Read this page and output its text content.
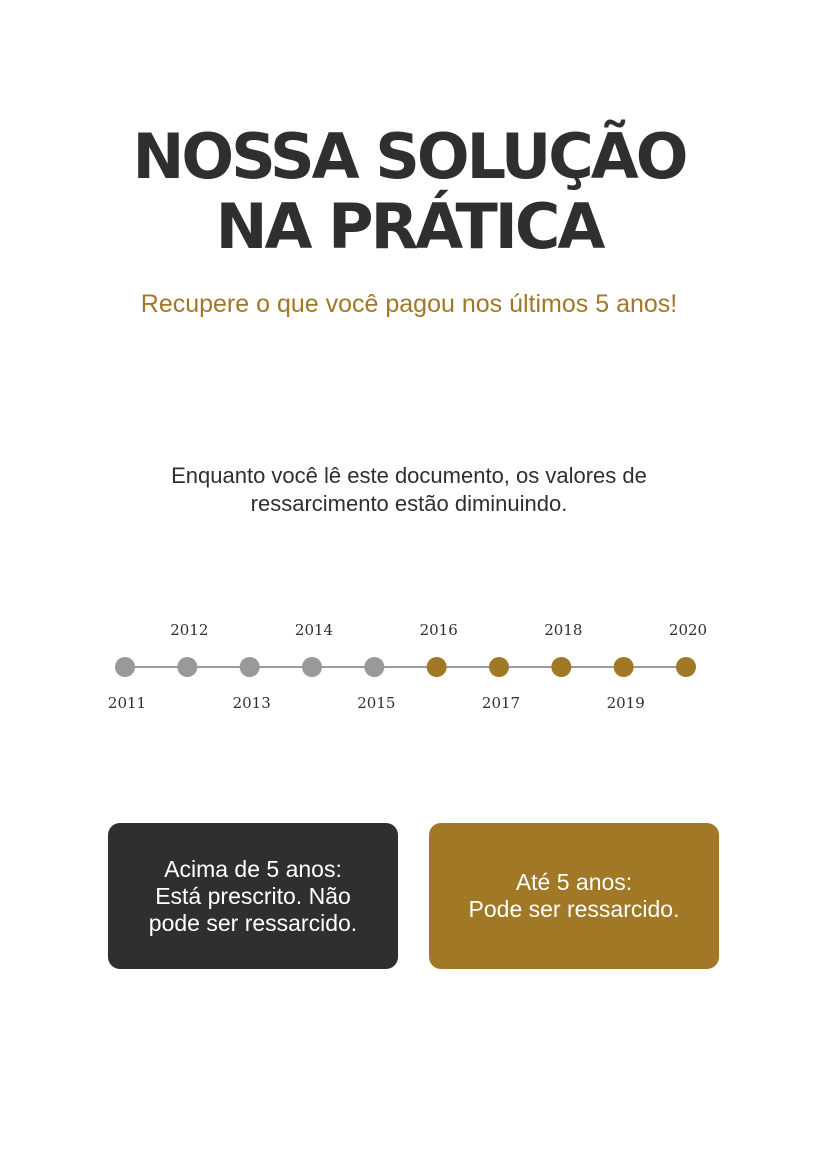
NOSSA SOLUÇÃO
NA PRÁTICA
Recupere o que você pagou nos últimos 5 anos!
Enquanto você lê este documento, os valores de
ressarcimento estão diminuindo.
2011
2012
2013
2014
2015
2016
2017
2018
2019
2020
Acima de 5 anos:
Está prescrito. Não
pode ser ressarcido.
Até 5 anos:
Pode ser ressarcido.
